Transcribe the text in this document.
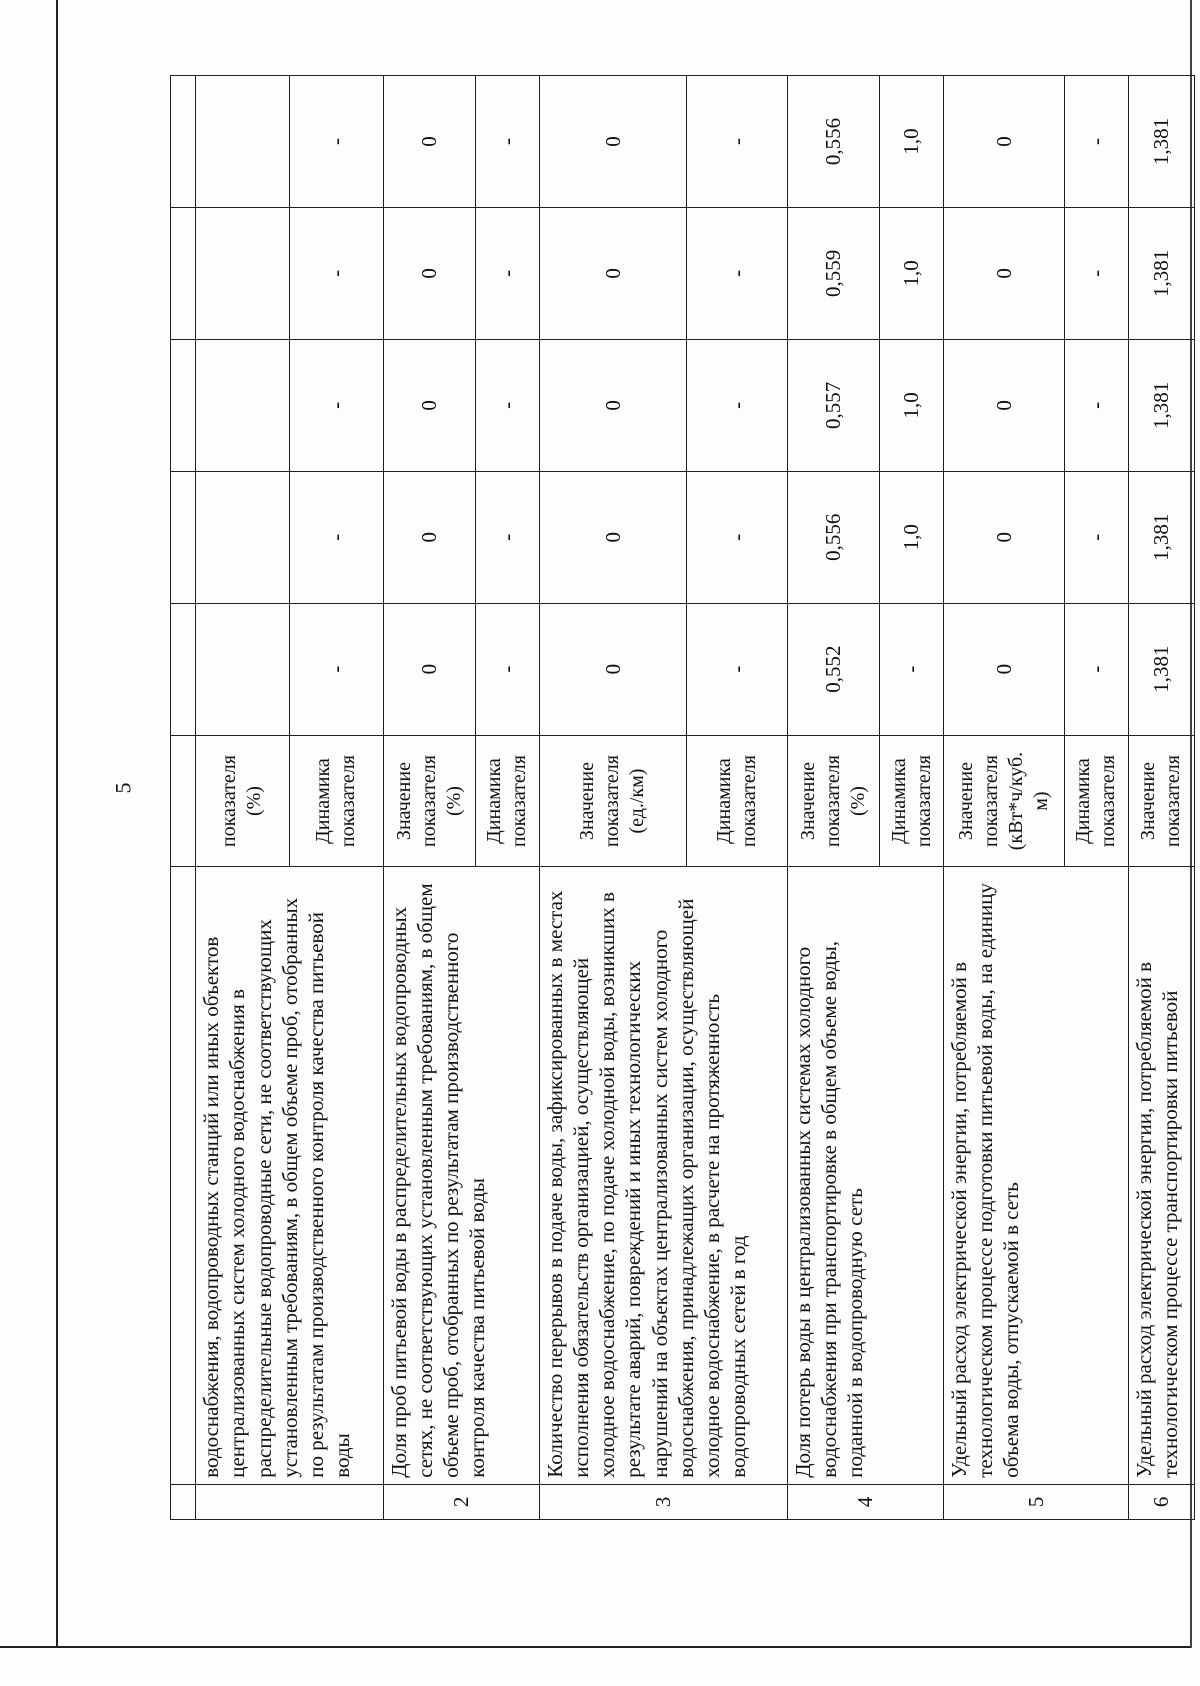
5

	водоснабжения, водопроводных станций или иных объектов централизованных систем холодного водоснабжения в распределительные водопроводные сети, не соответствующих установленным требованиям, в общем объеме проб, отобранных по результатам производственного контроля качества питьевой воды	показателя (%)					
		Динамика показателя	-	-	-	-	-
2	Доля проб питьевой воды в распределительных водопроводных сетях, не соответствующих установленным требованиям, в общем объеме проб, отобранных по результатам производственного контроля качества питьевой воды	Значение показателя (%)	0	0	0	0	0
		Динамика показателя	-	-	-	-	-
3	Количество перерывов в подаче воды, зафиксированных в местах исполнения обязательств организацией, осуществляющей холодное водоснабжение, по подаче холодной воды, возникших в результате аварий, повреждений и иных технологических нарушений на объектах централизованных систем холодного водоснабжения, принадлежащих организации, осуществляющей холодное водоснабжение, в расчете на протяженность водопроводных сетей в год	Значение показателя (ед./км)	0	0	0	0	0
		Динамика показателя	-	-	-	-	-
4	Доля потерь воды в централизованных системах холодного водоснабжения при транспортировке в общем объеме воды, поданной в водопроводную сеть	Значение показателя (%)	0,552	0,556	0,557	0,559	0,556
		Динамика показателя	-	1,0	1,0	1,0	1,0
5	Удельный расход электрической энергии, потребляемой в технологическом процессе подготовки питьевой воды, на единицу объема воды, отпускаемой в сеть	Значение показателя (кВт*ч/куб. м)	0	0	0	0	0
		Динамика показателя	-	-	-	-	-
6	Удельный расход электрической энергии, потребляемой в технологическом процессе транспортировки питьевой	Значение показателя	1,381	1,381	1,381	1,381	1,381
